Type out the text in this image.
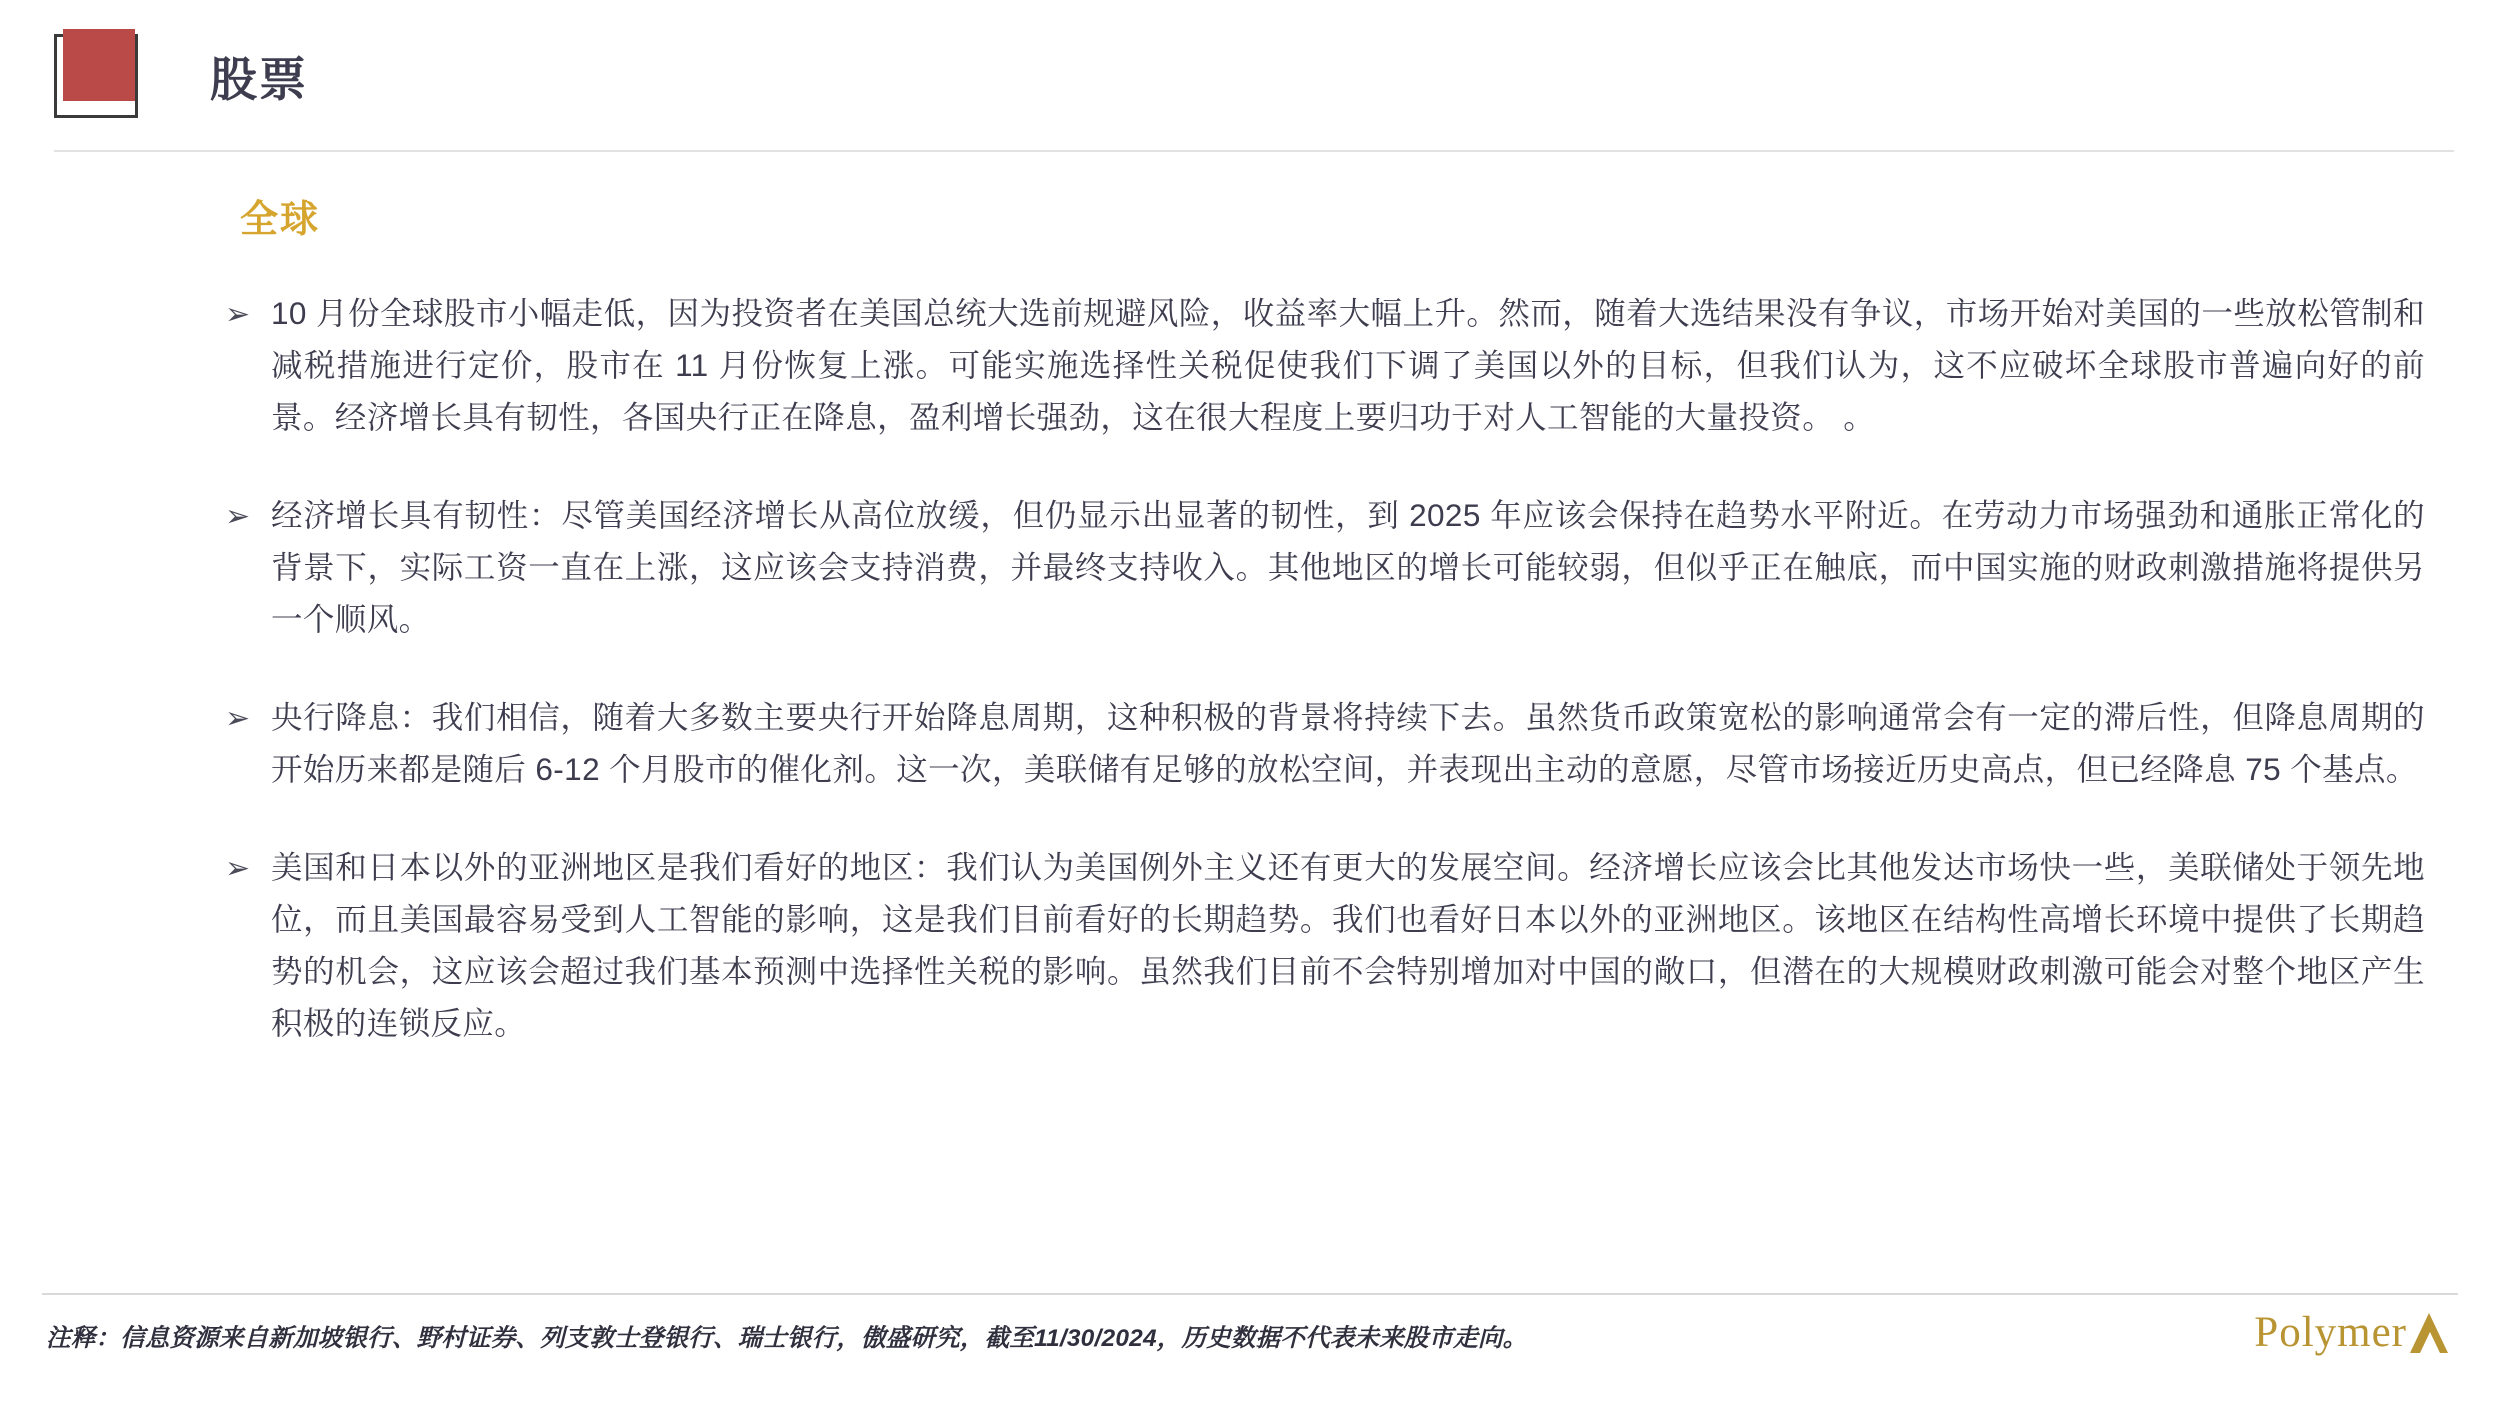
股票
全球
➢ 10 月份全球股市小幅走低，因为投资者在美国总统大选前规避风险，收益率大幅上升。然而，随着大选结果没有争议，市场开始对美国的一些放松管制和减税措施进行定价，股市在 11 月份恢复上涨。可能实施选择性关税促使我们下调了美国以外的目标，但我们认为，这不应破坏全球股市普遍向好的前景。经济增长具有韧性，各国央行正在降息，盈利增长强劲，这在很大程度上要归功于对人工智能的大量投资。 。
➢ 经济增长具有韧性：尽管美国经济增长从高位放缓，但仍显示出显著的韧性，到 2025 年应该会保持在趋势水平附近。在劳动力市场强劲和通胀正常化的背景下，实际工资一直在上涨，这应该会支持消费，并最终支持收入。其他地区的增长可能较弱，但似乎正在触底，而中国实施的财政刺激措施将提供另一个顺风。
➢ 央行降息：我们相信，随着大多数主要央行开始降息周期，这种积极的背景将持续下去。虽然货币政策宽松的影响通常会有一定的滞后性，但降息周期的开始历来都是随后 6-12 个月股市的催化剂。这一次，美联储有足够的放松空间，并表现出主动的意愿，尽管市场接近历史高点，但已经降息 75 个基点。
➢ 美国和日本以外的亚洲地区是我们看好的地区：我们认为美国例外主义还有更大的发展空间。经济增长应该会比其他发达市场快一些，美联储处于领先地位，而且美国最容易受到人工智能的影响，这是我们目前看好的长期趋势。我们也看好日本以外的亚洲地区。该地区在结构性高增长环境中提供了长期趋势的机会，这应该会超过我们基本预测中选择性关税的影响。虽然我们目前不会特别增加对中国的敞口，但潜在的大规模财政刺激可能会对整个地区产生积极的连锁反应。
注释：信息资源来自新加坡银行、野村证券、列支敦士登银行、瑞士银行，傲盛研究，截至11/30/2024，历史数据不代表未来股市走向。	Polymer
